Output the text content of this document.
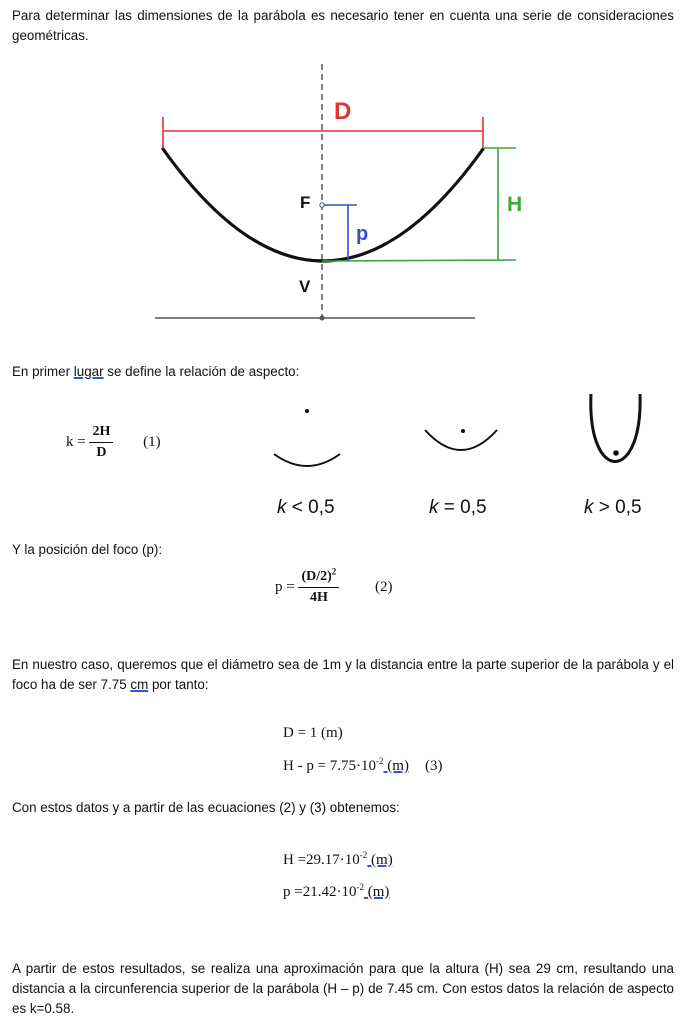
Para determinar las dimensiones de la parábola es necesario tener en cuenta una serie de consideraciones geométricas.
D
H
F
p
V
En primer lugar se define la relación de aspecto:
$k = \frac{2H}{D} (1)$
k < 0,5	k = 0,5	k > 0,5
Y la posición del foco (p):
$p = \frac{(D/2)^2}{4H} (2)$
En nuestro caso, queremos que el diámetro sea de 1m y la distancia entre la parte superior de la parábola y el foco ha de ser 7.75 cm por tanto:
D = 1 (m)
$H - p = 7.75\cdot 10^{-2}$ (m) (3)
Con estos datos y a partir de las ecuaciones (2) y (3) obtenemos:
$H =29.17\cdot 10^{-2}$ (m)
$p =21.42\cdot 10^{-2}$ (m)
A partir de estos resultados, se realiza una aproximación para que la altura (H) sea 29 cm, resultando una distancia a la circunferencia superior de la parábola (H – p) de 7.45 cm. Con estos datos la relación de aspecto es k=0.58.
